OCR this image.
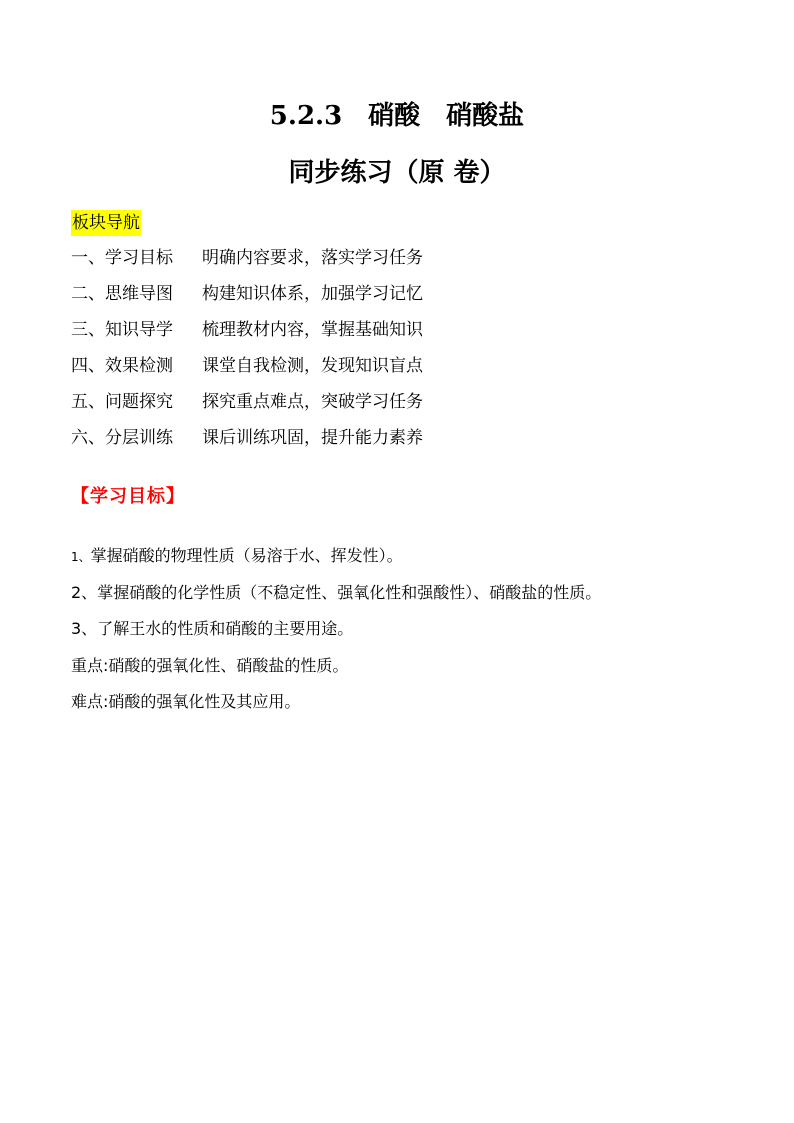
5.2.3　硝酸　硝酸盐
同步练习（原 卷）
板块导航
一、学习目标 明确内容要求，落实学习任务
二、思维导图 构建知识体系，加强学习记忆
三、知识导学 梳理教材内容，掌握基础知识
四、效果检测 课堂自我检测，发现知识盲点
五、问题探究 探究重点难点，突破学习任务
六、分层训练 课后训练巩固，提升能力素养
【学习目标】
1、掌握硝酸的物理性质（易溶于水、挥发性）。
2、掌握硝酸的化学性质（不稳定性、强氧化性和强酸性）、硝酸盐的性质。
3、了解王水的性质和硝酸的主要用途。
重点:硝酸的强氧化性、硝酸盐的性质。
难点:硝酸的强氧化性及其应用。
